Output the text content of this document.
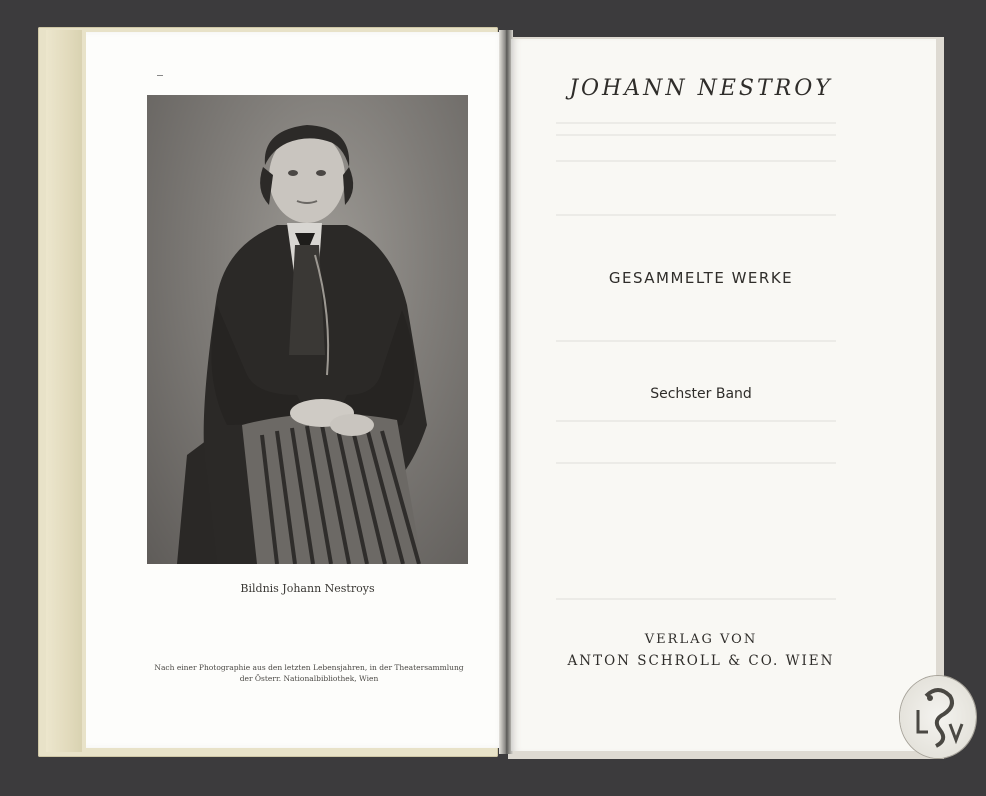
Bildnis Johann Nestroys
Nach einer Photographie aus den letzten Lebensjahren, in der Theatersammlung
der Österr. Nationalbibliothek, Wien
JOHANN NESTROY
GESAMMELTE WERKE
Sechster Band
VERLAG VON
ANTON SCHROLL & CO. WIEN
